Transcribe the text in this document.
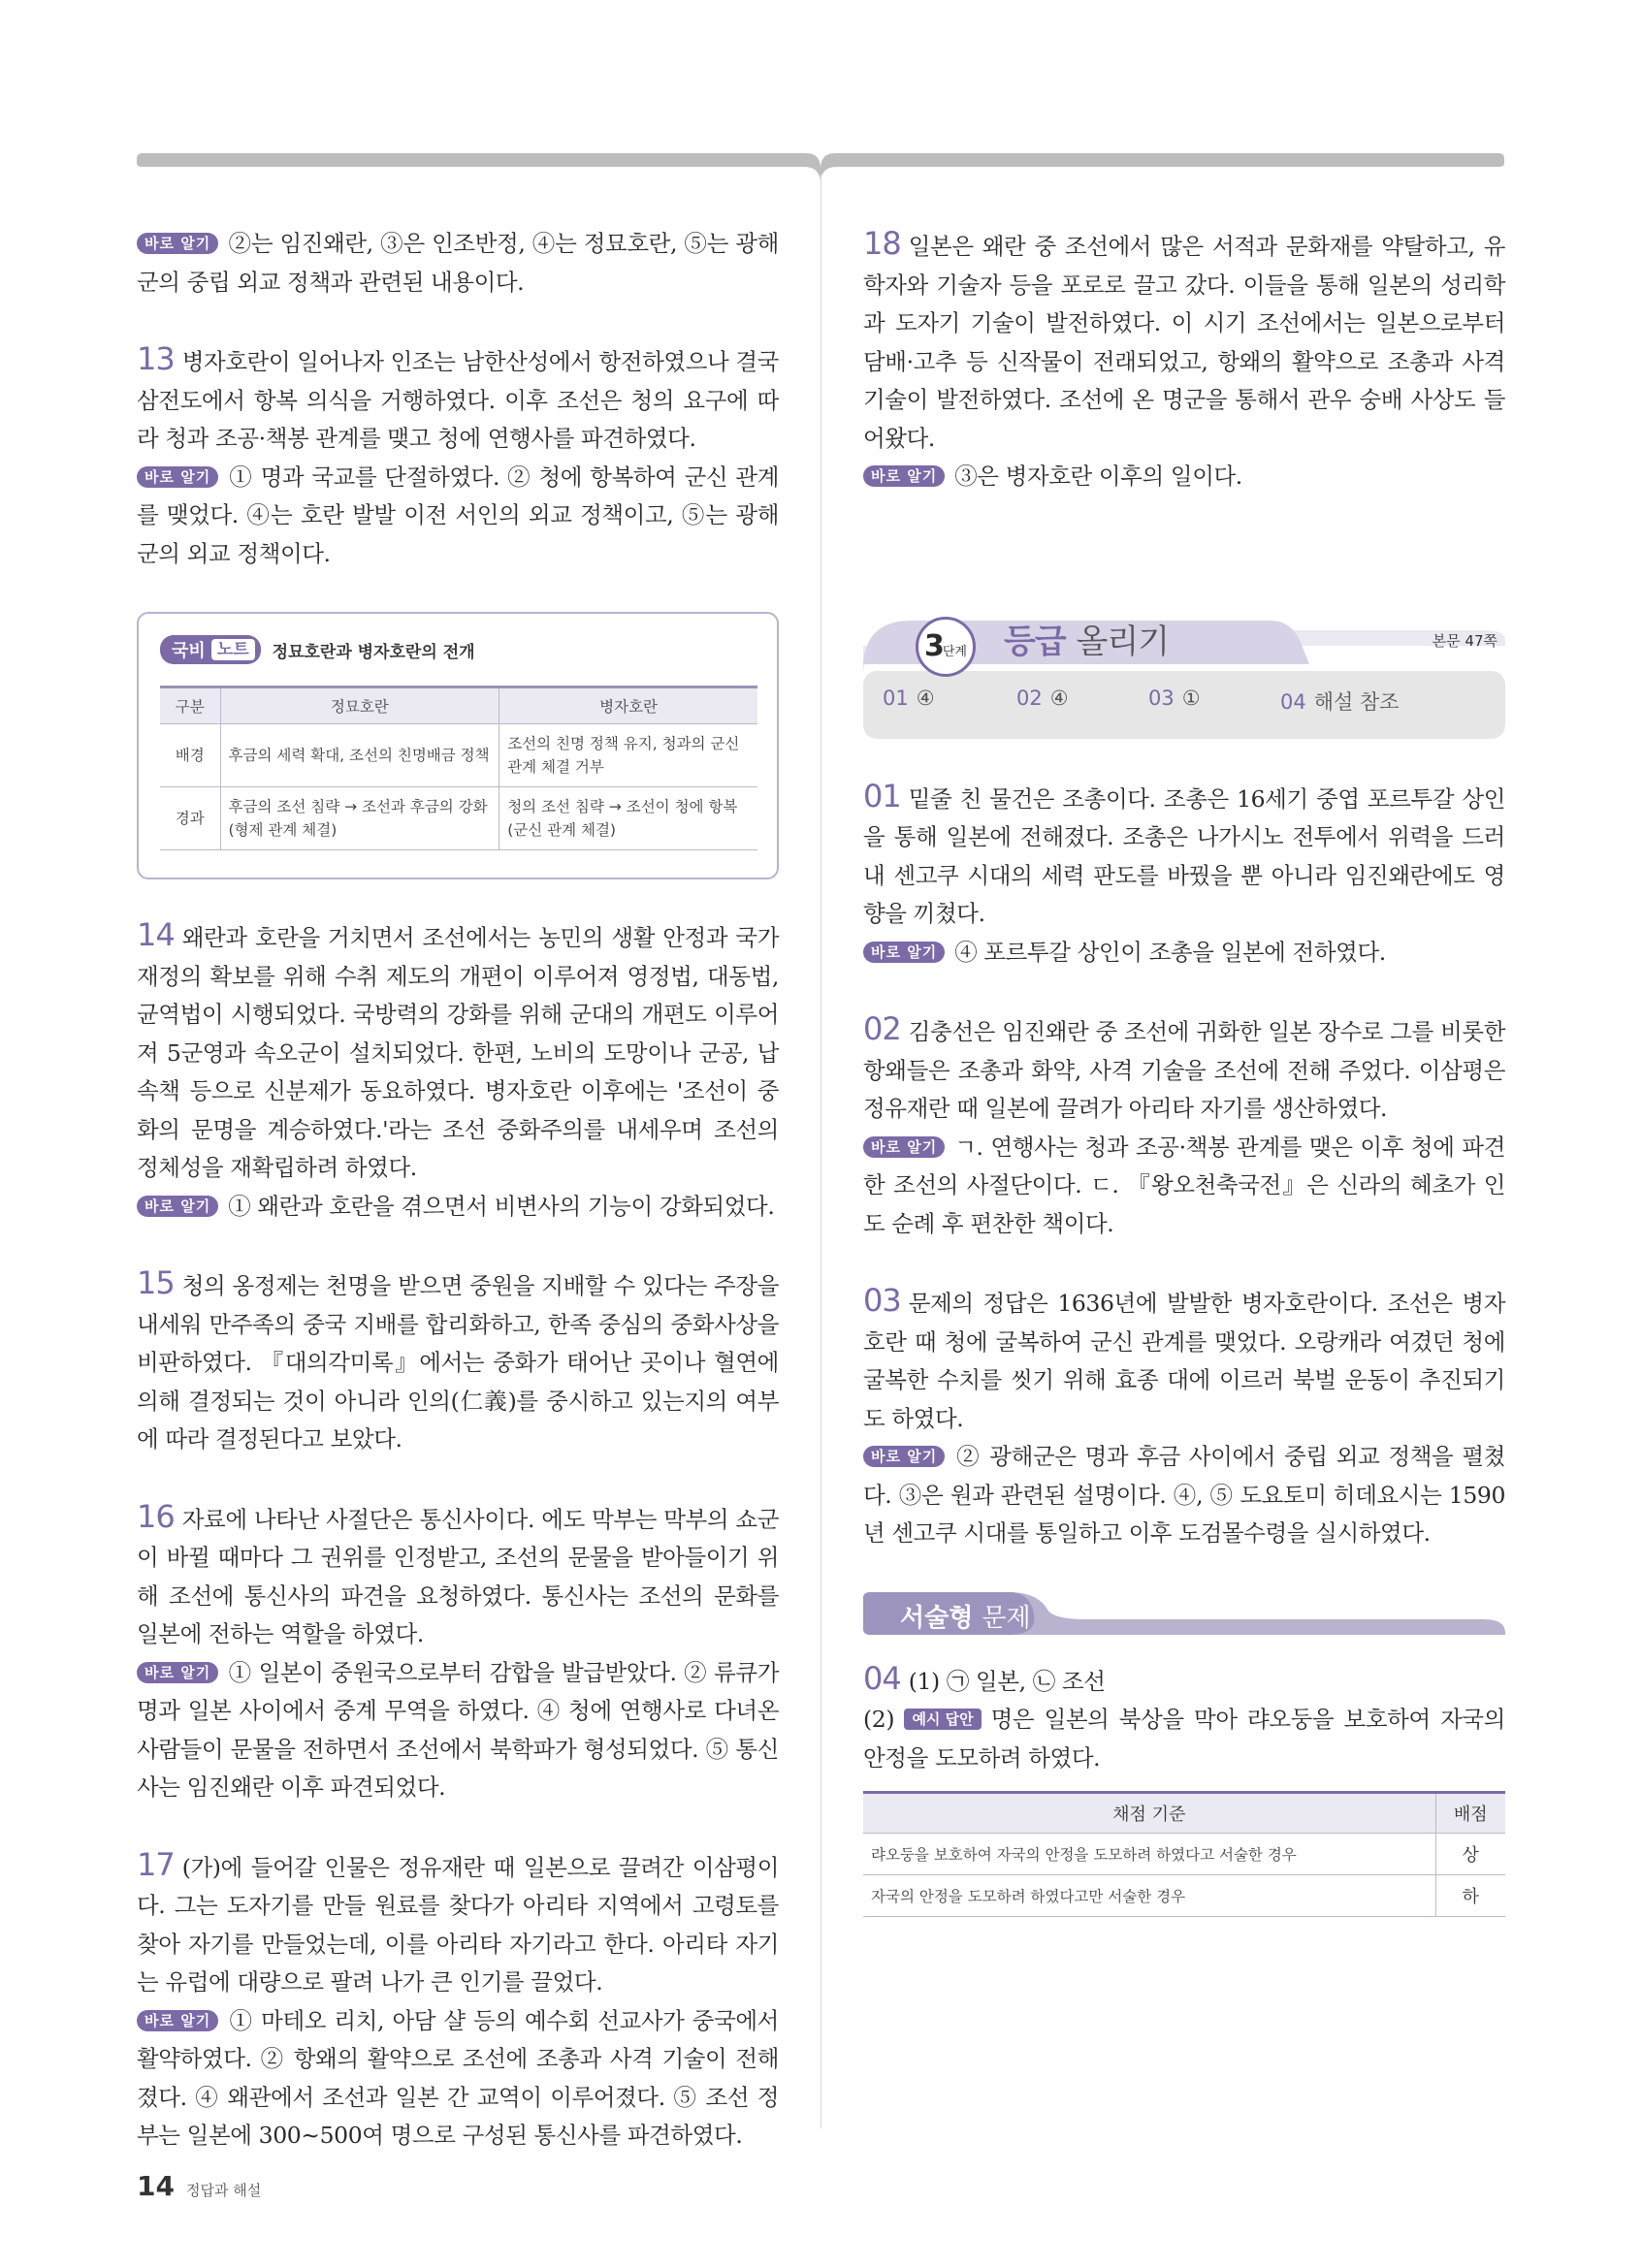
바로 알기 ②는 임진왜란, ③은 인조반정, ④는 정묘호란, ⑤는 광해군의 중립 외교 정책과 관련된 내용이다.
13 병자호란이 일어나자 인조는 남한산성에서 항전하였으나 결국 삼전도에서 항복 의식을 거행하였다. 이후 조선은 청의 요구에 따라 청과 조공·책봉 관계를 맺고 청에 연행사를 파견하였다.
바로 알기 ① 명과 국교를 단절하였다. ② 청에 항복하여 군신 관계를 맺었다. ④는 호란 발발 이전 서인의 외교 정책이고, ⑤는 광해군의 외교 정책이다.
국비 노트	정묘호란과 병자호란의 전개
구분	정묘호란	병자호란
배경	후금의 세력 확대, 조선의 친명배금 정책	조선의 친명 정책 유지, 청과의 군신 관계 체결 거부
경과	후금의 조선 침략 → 조선과 후금의 강화(형제 관계 체결)	청의 조선 침략 → 조선이 청에 항복(군신 관계 체결)
14 왜란과 호란을 거치면서 조선에서는 농민의 생활 안정과 국가 재정의 확보를 위해 수취 제도의 개편이 이루어져 영정법, 대동법, 균역법이 시행되었다. 국방력의 강화를 위해 군대의 개편도 이루어져 5군영과 속오군이 설치되었다. 한편, 노비의 도망이나 군공, 납속책 등으로 신분제가 동요하였다. 병자호란 이후에는 '조선이 중화의 문명을 계승하였다.'라는 조선 중화주의를 내세우며 조선의 정체성을 재확립하려 하였다.
바로 알기 ① 왜란과 호란을 겪으면서 비변사의 기능이 강화되었다.
15 청의 옹정제는 천명을 받으면 중원을 지배할 수 있다는 주장을 내세워 만주족의 중국 지배를 합리화하고, 한족 중심의 중화사상을 비판하였다. 『대의각미록』에서는 중화가 태어난 곳이나 혈연에 의해 결정되는 것이 아니라 인의(仁義)를 중시하고 있는지의 여부에 따라 결정된다고 보았다.
16 자료에 나타난 사절단은 통신사이다. 에도 막부는 막부의 쇼군이 바뀔 때마다 그 권위를 인정받고, 조선의 문물을 받아들이기 위해 조선에 통신사의 파견을 요청하였다. 통신사는 조선의 문화를 일본에 전하는 역할을 하였다.
바로 알기 ① 일본이 중원국으로부터 감합을 발급받았다. ② 류큐가 명과 일본 사이에서 중계 무역을 하였다. ④ 청에 연행사로 다녀온 사람들이 문물을 전하면서 조선에서 북학파가 형성되었다. ⑤ 통신사는 임진왜란 이후 파견되었다.
17 (가)에 들어갈 인물은 정유재란 때 일본으로 끌려간 이삼평이다. 그는 도자기를 만들 원료를 찾다가 아리타 지역에서 고령토를 찾아 자기를 만들었는데, 이를 아리타 자기라고 한다. 아리타 자기는 유럽에 대량으로 팔려 나가 큰 인기를 끌었다.
바로 알기 ① 마테오 리치, 아담 샬 등의 예수회 선교사가 중국에서 활약하였다. ② 항왜의 활약으로 조선에 조총과 사격 기술이 전해졌다. ④ 왜관에서 조선과 일본 간 교역이 이루어졌다. ⑤ 조선 정부는 일본에 300~500여 명으로 구성된 통신사를 파견하였다.
18 일본은 왜란 중 조선에서 많은 서적과 문화재를 약탈하고, 유학자와 기술자 등을 포로로 끌고 갔다. 이들을 통해 일본의 성리학과 도자기 기술이 발전하였다. 이 시기 조선에서는 일본으로부터 담배·고추 등 신작물이 전래되었고, 항왜의 활약으로 조총과 사격 기술이 발전하였다. 조선에 온 명군을 통해서 관우 숭배 사상도 들어왔다.
바로 알기 ③은 병자호란 이후의 일이다.
3단계 등급 올리기	본문 47쪽
01 ④	02 ④	03 ①	04 해설 참조
01 밑줄 친 물건은 조총이다. 조총은 16세기 중엽 포르투갈 상인을 통해 일본에 전해졌다. 조총은 나가시노 전투에서 위력을 드러내 센고쿠 시대의 세력 판도를 바꿨을 뿐 아니라 임진왜란에도 영향을 끼쳤다.
바로 알기 ④ 포르투갈 상인이 조총을 일본에 전하였다.
02 김충선은 임진왜란 중 조선에 귀화한 일본 장수로 그를 비롯한 항왜들은 조총과 화약, 사격 기술을 조선에 전해 주었다. 이삼평은 정유재란 때 일본에 끌려가 아리타 자기를 생산하였다.
바로 알기 ㄱ. 연행사는 청과 조공·책봉 관계를 맺은 이후 청에 파견한 조선의 사절단이다. ㄷ. 『왕오천축국전』은 신라의 혜초가 인도 순례 후 편찬한 책이다.
03 문제의 정답은 1636년에 발발한 병자호란이다. 조선은 병자호란 때 청에 굴복하여 군신 관계를 맺었다. 오랑캐라 여겼던 청에 굴복한 수치를 씻기 위해 효종 대에 이르러 북벌 운동이 추진되기도 하였다.
바로 알기 ② 광해군은 명과 후금 사이에서 중립 외교 정책을 펼쳤다. ③은 원과 관련된 설명이다. ④, ⑤ 도요토미 히데요시는 1590년 센고쿠 시대를 통일하고 이후 도검몰수령을 실시하였다.
서술형 문제
04 (1) ㉠ 일본, ㉡ 조선
(2) 예시 답안 명은 일본의 북상을 막아 랴오둥을 보호하여 자국의 안정을 도모하려 하였다.
채점 기준	배점
랴오둥을 보호하여 자국의 안정을 도모하려 하였다고 서술한 경우	상
자국의 안정을 도모하려 하였다고만 서술한 경우	하
14 정답과 해설
